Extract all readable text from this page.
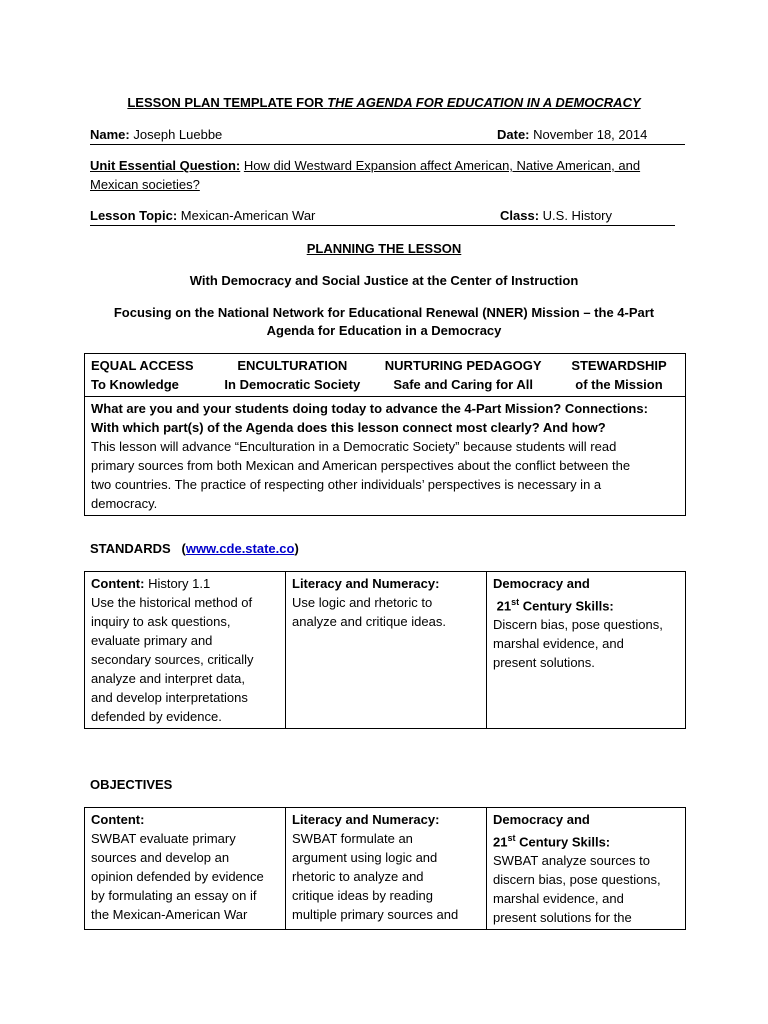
LESSON PLAN TEMPLATE FOR THE AGENDA FOR EDUCATION IN A DEMOCRACY
Name: Joseph Luebbe	Date: November 18, 2014
Unit Essential Question: How did Westward Expansion affect American, Native American, and
Mexican societies?
Lesson Topic: Mexican-American War	Class: U.S. History
PLANNING THE LESSON
With Democracy and Social Justice at the Center of Instruction
Focusing on the National Network for Educational Renewal (NNER) Mission – the 4-Part
Agenda for Education in a Democracy
EQUAL ACCESS	ENCULTURATION	NURTURING PEDAGOGY	STEWARDSHIP
To Knowledge	In Democratic Society	Safe and Caring for All	of the Mission

What are you and your students doing today to advance the 4-Part Mission? Connections:
With which part(s) of the Agenda does this lesson connect most clearly? And how?
This lesson will advance “Enculturation in a Democratic Society” because students will read
primary sources from both Mexican and American perspectives about the conflict between the
two countries. The practice of respecting other individuals’ perspectives is necessary in a
democracy.
STANDARDS   (www.cde.state.co)
Content: History 1.1
Use the historical method of
inquiry to ask questions,
evaluate primary and
secondary sources, critically
analyze and interpret data,
and develop interpretations
defended by evidence.

Literacy and Numeracy:
Use logic and rhetoric to
analyze and critique ideas.

Democracy and
21st Century Skills:
Discern bias, pose questions,
marshal evidence, and
present solutions.
OBJECTIVES
Content:
SWBAT evaluate primary
sources and develop an
opinion defended by evidence
by formulating an essay on if
the Mexican-American War

Literacy and Numeracy:
SWBAT formulate an
argument using logic and
rhetoric to analyze and
critique ideas by reading
multiple primary sources and

Democracy and
21st Century Skills:
SWBAT analyze sources to
discern bias, pose questions,
marshal evidence, and
present solutions for the
